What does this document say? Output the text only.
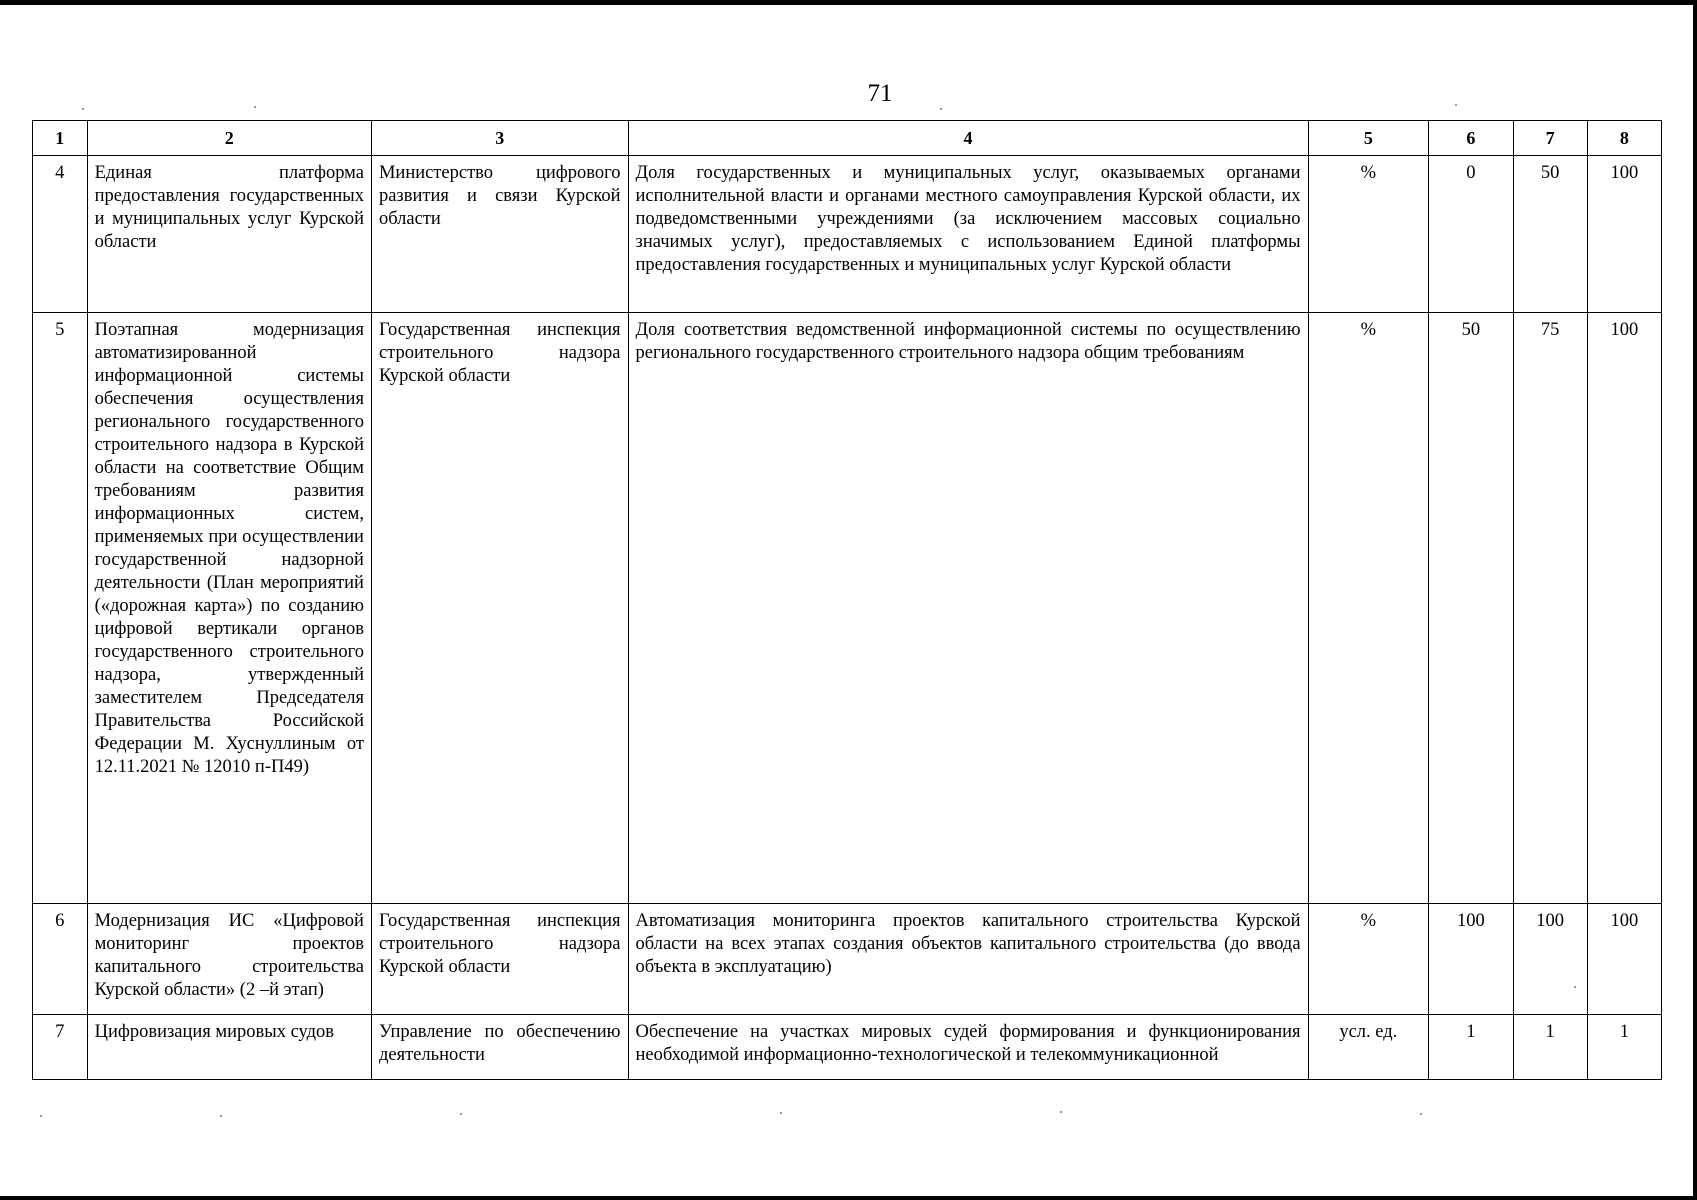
71
1	2	3	4	5	6	7	8
4	Единая платформа предоставления государственных и муниципальных услуг Курской области	Министерство цифрового развития и связи Курской области	Доля государственных и муниципальных услуг, оказываемых органами исполнительной власти и органами местного самоуправления Курской области, их подведомственными учреждениями (за исключением массовых социально значимых услуг), предоставляемых с использованием Единой платформы предоставления государственных и муниципальных услуг Курской области	%	0	50	100
5	Поэтапная модернизация автоматизированной информационной системы обеспечения осуществления регионального государственного строительного надзора в Курской области на соответствие Общим требованиям развития информационных систем, применяемых при осуществлении государственной надзорной деятельности (План мероприятий («дорожная карта») по созданию цифровой вертикали органов государственного строительного надзора, утвержденный заместителем Председателя Правительства Российской Федерации М. Хуснуллиным от 12.11.2021 № 12010 п-П49)	Государственная инспекция строительного надзора Курской области	Доля соответствия ведомственной информационной системы по осуществлению регионального государственного строительного надзора общим требованиям	%	50	75	100
6	Модернизация ИС «Цифровой мониторинг проектов капитального строительства Курской области» (2 –й этап)	Государственная инспекция строительного надзора Курской области	Автоматизация мониторинга проектов капитального строительства Курской области на всех этапах создания объектов капитального строительства (до ввода объекта в эксплуатацию)	%	100	100	100
7	Цифровизация мировых судов	Управление по обеспечению деятельности	Обеспечение на участках мировых судей формирования и функционирования необходимой информационно-технологической и телекоммуникационной	усл. ед.	1	1	1
